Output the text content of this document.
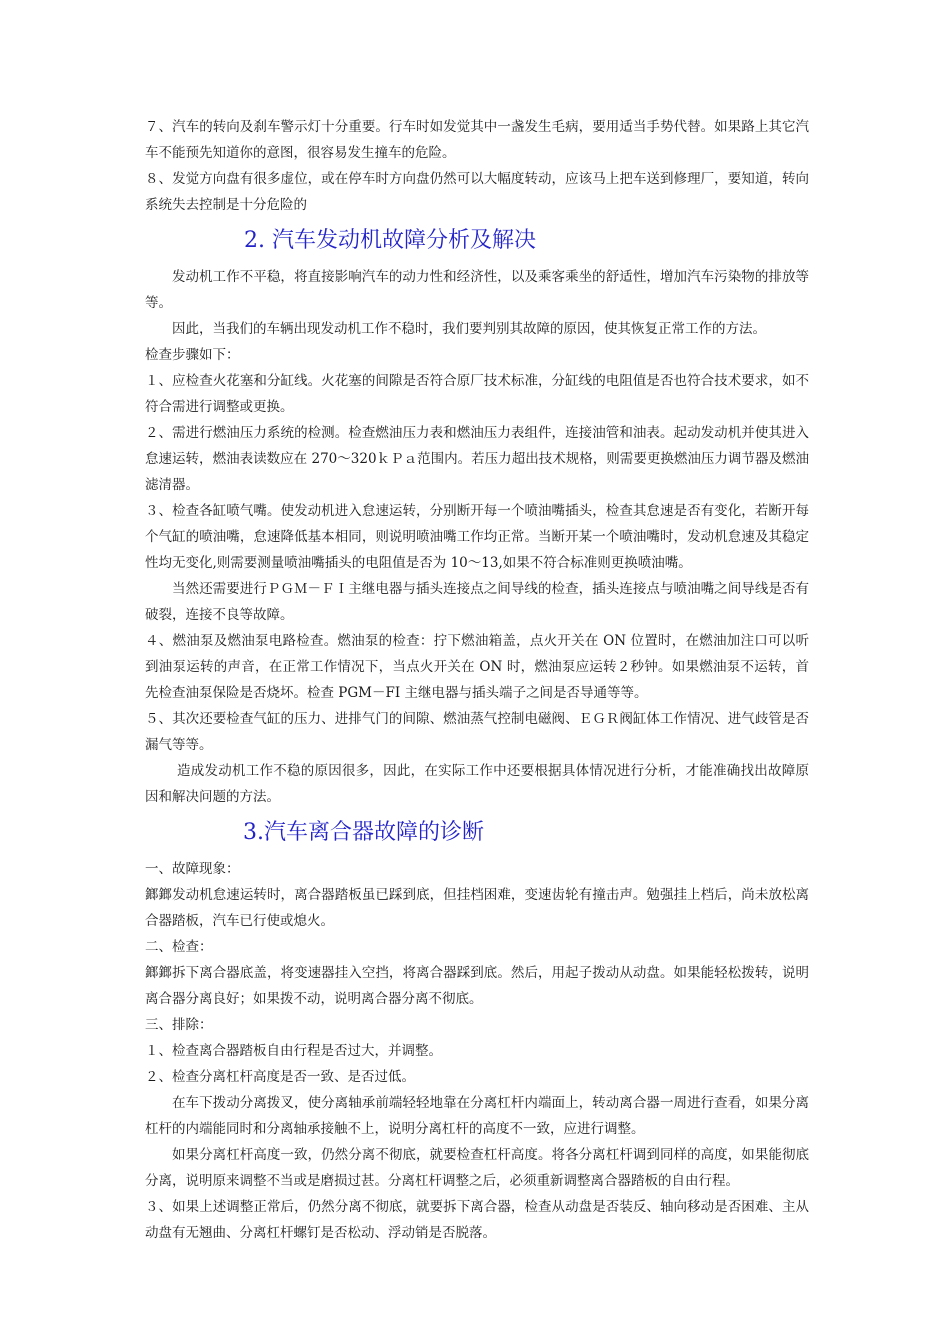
７、汽车的转向及刹车警示灯十分重要。行车时如发觉其中一盏发生毛病，要用适当手势代替。如果路上其它汽车不能预先知道你的意图，很容易发生撞车的危险。

８、发觉方向盘有很多虚位，或在停车时方向盘仍然可以大幅度转动，应该马上把车送到修理厂，要知道，转向系统失去控制是十分危险的

2. 汽车发动机故障分析及解决

发动机工作不平稳，将直接影响汽车的动力性和经济性，以及乘客乘坐的舒适性，增加汽车污染物的排放等等。

因此，当我们的车辆出现发动机工作不稳时，我们要判别其故障的原因，使其恢复正常工作的方法。

检查步骤如下：

１、应检查火花塞和分缸线。火花塞的间隙是否符合原厂技术标准，分缸线的电阻值是否也符合技术要求，如不符合需进行调整或更换。

２、需进行燃油压力系统的检测。检查燃油压力表和燃油压力表组件，连接油管和油表。起动发动机并使其进入怠速运转，燃油表读数应在 270～320ｋＰａ范围内。若压力超出技术规格，则需要更换燃油压力调节器及燃油滤清器。

３、检查各缸喷气嘴。使发动机进入怠速运转，分别断开每一个喷油嘴插头，检查其怠速是否有变化，若断开每个气缸的喷油嘴，怠速降低基本相同，则说明喷油嘴工作均正常。当断开某一个喷油嘴时，发动机怠速及其稳定性均无变化,则需要测量喷油嘴插头的电阻值是否为 10～13,如果不符合标准则更换喷油嘴。

当然还需要进行ＰＧＭ－ＦＩ主继电器与插头连接点之间导线的检查，插头连接点与喷油嘴之间导线是否有破裂，连接不良等故障。

４、燃油泵及燃油泵电路检查。燃油泵的检查：拧下燃油箱盖，点火开关在 ON 位置时，在燃油加注口可以听到油泵运转的声音，在正常工作情况下，当点火开关在 ON 时，燃油泵应运转２秒钟。如果燃油泵不运转，首先检查油泵保险是否烧坏。检查 PGM－FI 主继电器与插头端子之间是否导通等等。

５、其次还要检查气缸的压力、进排气门的间隙、燃油蒸气控制电磁阀、ＥＧＲ阀缸体工作情况、进气歧管是否漏气等等。

造成发动机工作不稳的原因很多，因此，在实际工作中还要根据具体情况进行分析，才能准确找出故障原因和解决问题的方法。

3.汽车离合器故障的诊断

一、故障现象：

鎯鎯发动机怠速运转时，离合器踏板虽已踩到底，但挂档困难，变速齿轮有撞击声。勉强挂上档后，尚未放松离合器踏板，汽车已行使或熄火。

二、检查：

鎯鎯拆下离合器底盖，将变速器挂入空挡，将离合器踩到底。然后，用起子拨动从动盘。如果能轻松拨转，说明离合器分离良好；如果拨不动，说明离合器分离不彻底。

三、排除：

１、检查离合器踏板自由行程是否过大，并调整。

２、检查分离杠杆高度是否一致、是否过低。

在车下拨动分离拨叉，使分离轴承前端轻轻地靠在分离杠杆内端面上，转动离合器一周进行查看，如果分离杠杆的内端能同时和分离轴承接触不上，说明分离杠杆的高度不一致，应进行调整。

如果分离杠杆高度一致，仍然分离不彻底，就要检查杠杆高度。将各分离杠杆调到同样的高度，如果能彻底分离，说明原来调整不当或是磨损过甚。分离杠杆调整之后，必须重新调整离合器踏板的自由行程。

３、如果上述调整正常后，仍然分离不彻底，就要拆下离合器，检查从动盘是否装反、轴向移动是否困难、主从动盘有无翘曲、分离杠杆螺钉是否松动、浮动销是否脱落。
